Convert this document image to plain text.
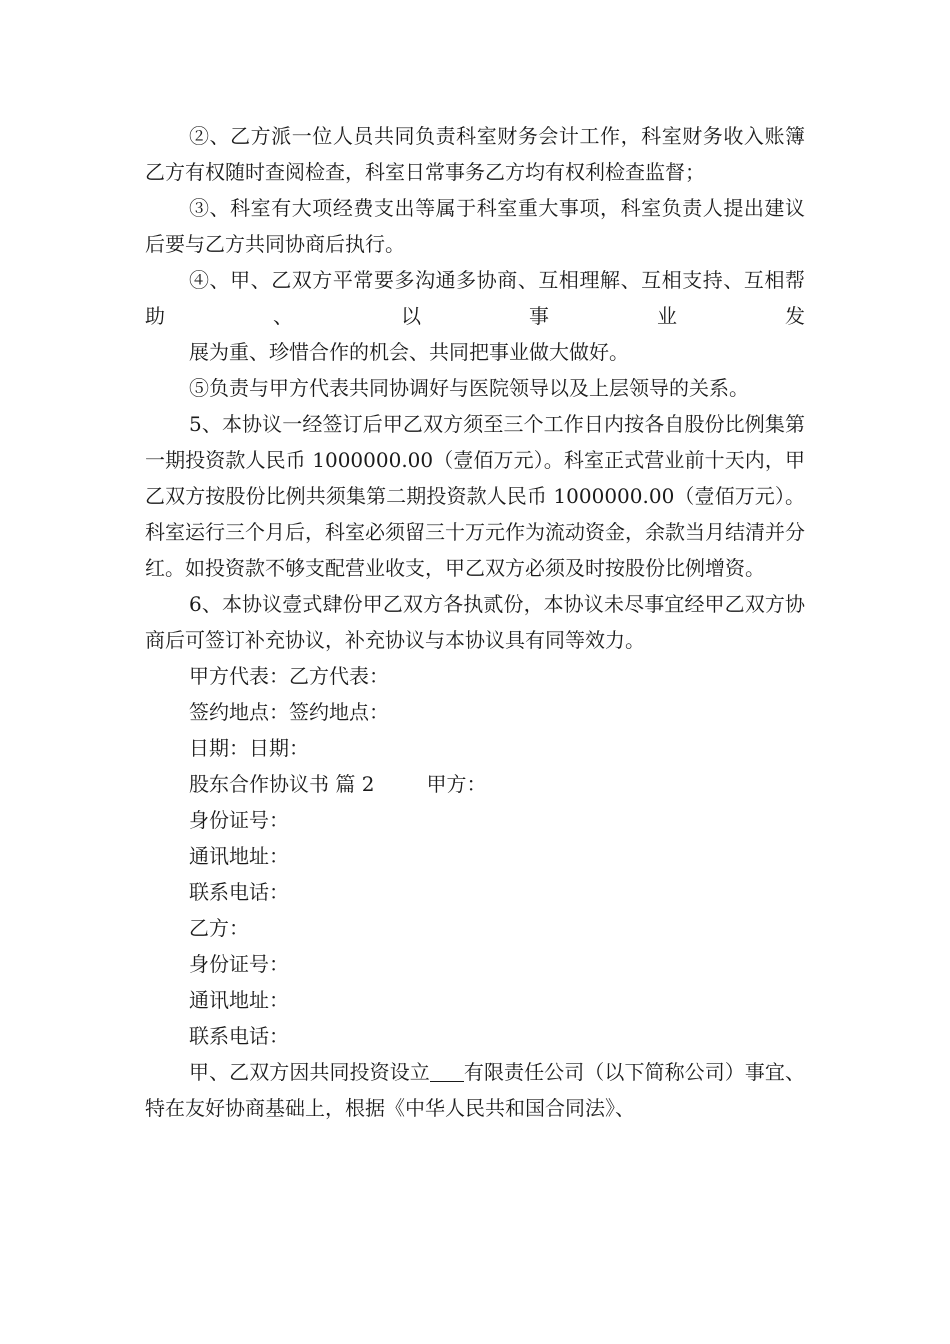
②、乙方派一位人员共同负责科室财务会计工作，科室财务收入账簿乙方有权随时查阅检查，科室日常事务乙方均有权利检查监督；

③、科室有大项经费支出等属于科室重大事项，科室负责人提出建议后要与乙方共同协商后执行。

④、甲、乙双方平常要多沟通多协商、互相理解、互相支持、互相帮助、以事业发

展为重、珍惜合作的机会、共同把事业做大做好。

⑤负责与甲方代表共同协调好与医院领导以及上层领导的关系。

5、本协议一经签订后甲乙双方须至三个工作日内按各自股份比例集第一期投资款人民币 1000000.00（壹佰万元）。科室正式营业前十天内，甲乙双方按股份比例共须集第二期投资款人民币 1000000.00（壹佰万元）。科室运行三个月后，科室必须留三十万元作为流动资金，余款当月结清并分红。如投资款不够支配营业收支，甲乙双方必须及时按股份比例增资。

6、本协议壹式肆份甲乙双方各执贰份，本协议未尽事宜经甲乙双方协商后可签订补充协议，补充协议与本协议具有同等效力。

甲方代表：乙方代表：

签约地点：签约地点：

日期：日期：

股东合作协议书 篇 2	甲方：

身份证号：

通讯地址：

联系电话：

乙方：

身份证号：

通讯地址：

联系电话：

甲、乙双方因共同投资设立 有限责任公司（以下简称公司）事宜、特在友好协商基础上，根据《中华人民共和国合同法》、
